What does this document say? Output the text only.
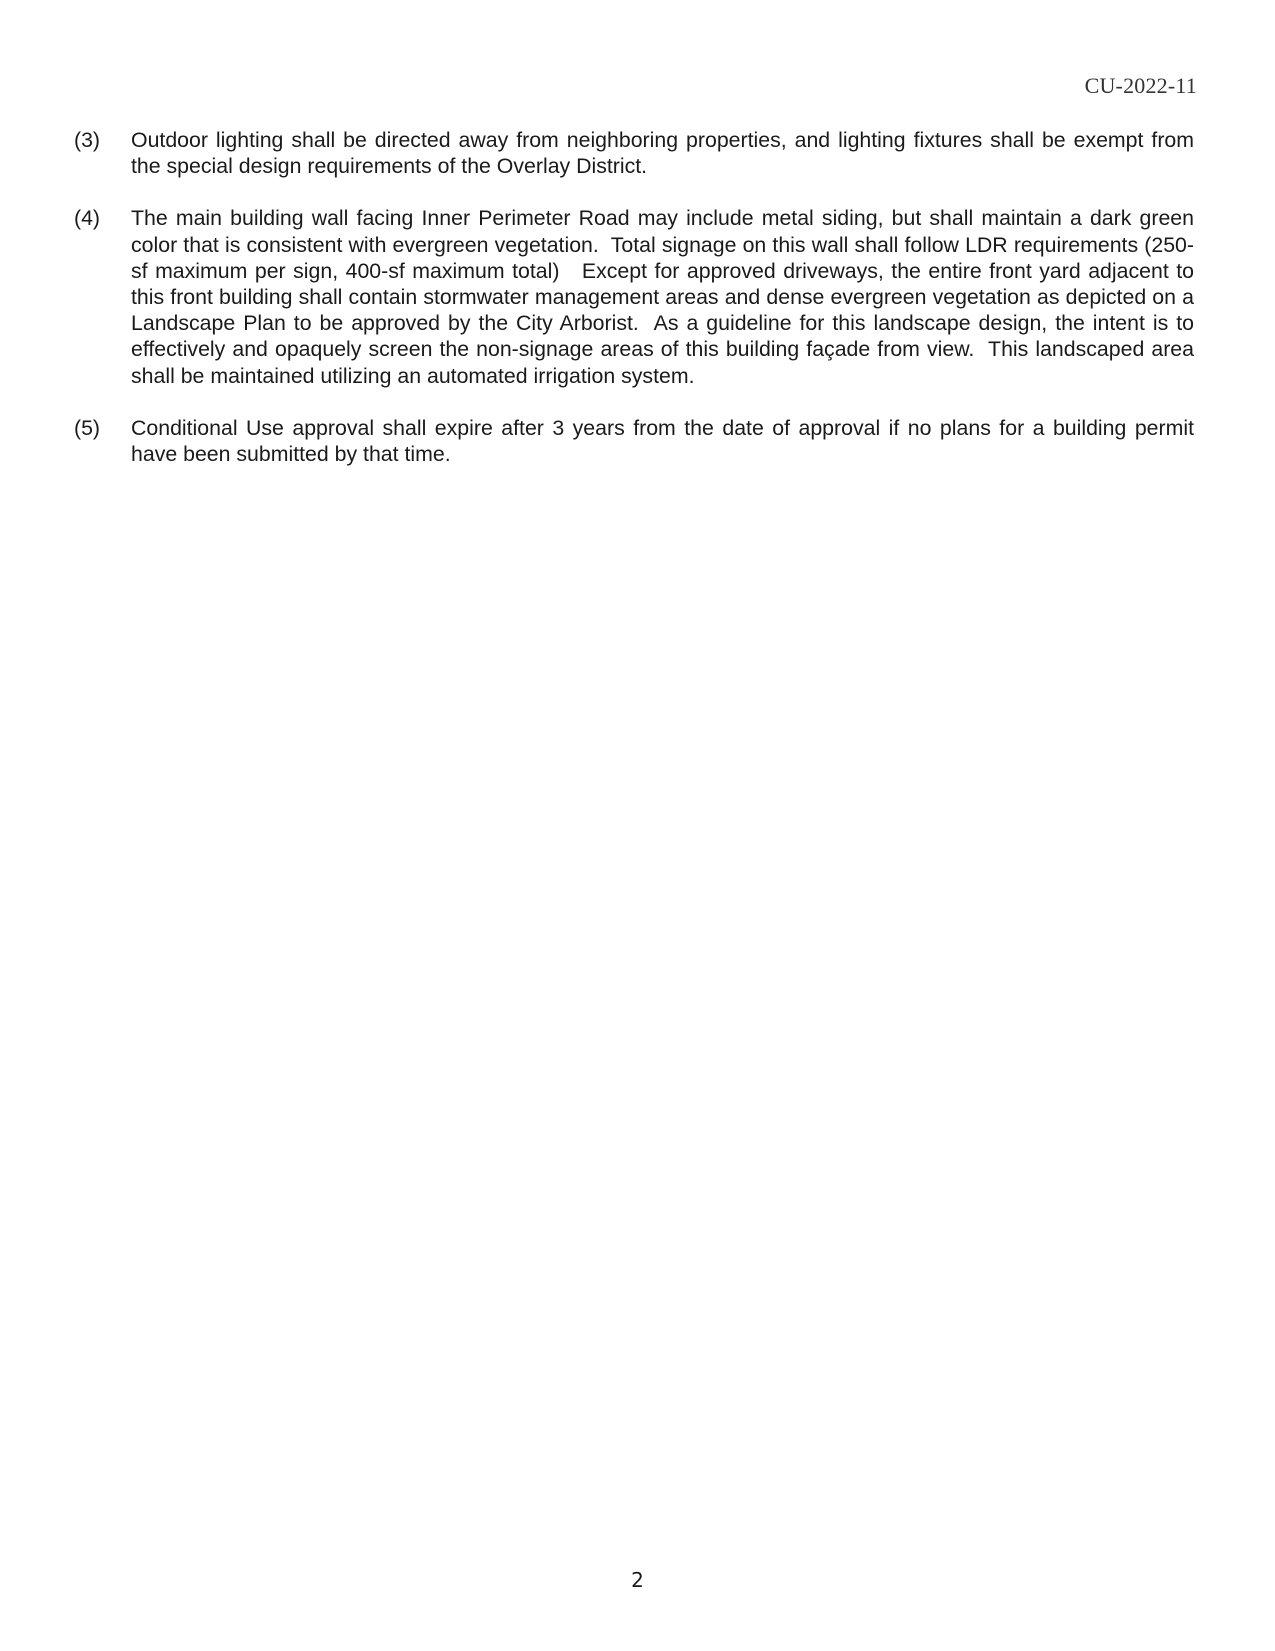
CU-2022-11
(3)	Outdoor lighting shall be directed away from neighboring properties, and lighting fixtures shall be exempt from the special design requirements of the Overlay District.
(4)	The main building wall facing Inner Perimeter Road may include metal siding, but shall maintain a dark green color that is consistent with evergreen vegetation.  Total signage on this wall shall follow LDR requirements (250-sf maximum per sign, 400-sf maximum total)   Except for approved driveways, the entire front yard adjacent to this front building shall contain stormwater management areas and dense evergreen vegetation as depicted on a Landscape Plan to be approved by the City Arborist.  As a guideline for this landscape design, the intent is to effectively and opaquely screen the non-signage areas of this building façade from view.  This landscaped area shall be maintained utilizing an automated irrigation system.
(5)	Conditional Use approval shall expire after 3 years from the date of approval if no plans for a building permit have been submitted by that time.
2
